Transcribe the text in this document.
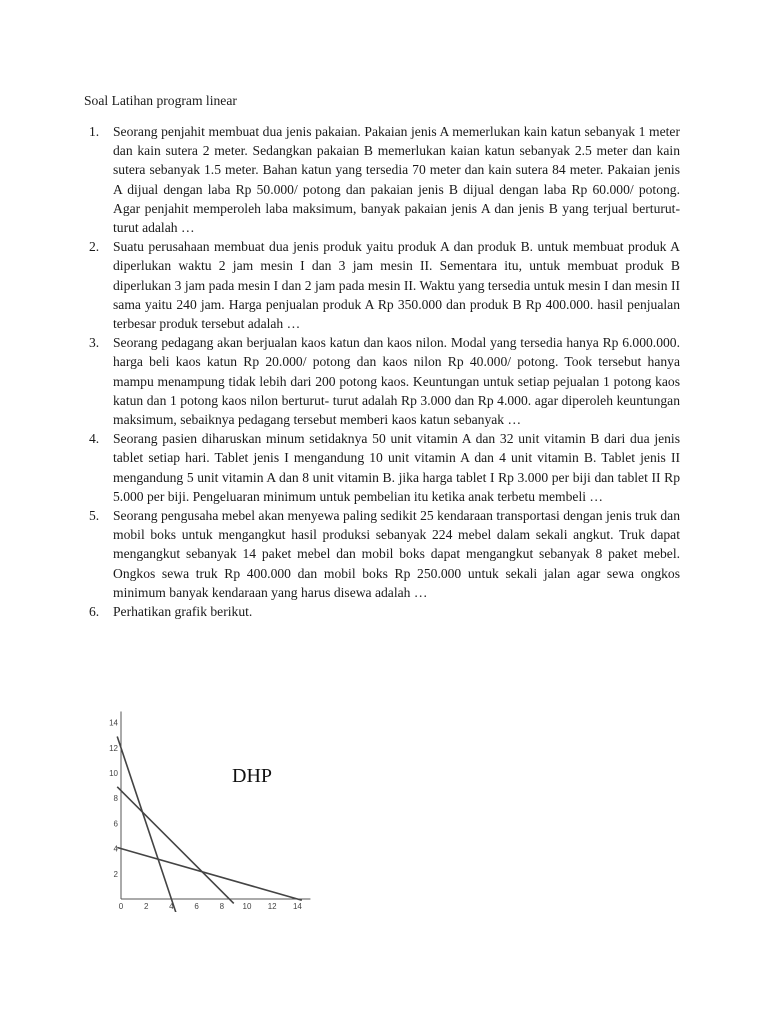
Soal Latihan program linear
1. Seorang penjahit membuat dua jenis pakaian. Pakaian jenis A memerlukan kain katun sebanyak 1 meter dan kain sutera 2 meter. Sedangkan pakaian B memerlukan kaian katun sebanyak 2.5 meter dan kain sutera sebanyak 1.5 meter. Bahan katun yang tersedia 70 meter dan kain sutera 84 meter. Pakaian jenis A dijual dengan laba Rp 50.000/ potong dan pakaian jenis B dijual dengan laba Rp 60.000/ potong. Agar penjahit memperoleh laba maksimum, banyak pakaian jenis A dan jenis B yang terjual berturut- turut adalah …
2. Suatu perusahaan membuat dua jenis produk yaitu produk A dan produk B. untuk membuat produk A diperlukan waktu 2 jam mesin I dan 3 jam mesin II. Sementara itu, untuk membuat produk B diperlukan 3 jam pada mesin I dan 2 jam pada mesin II. Waktu yang tersedia untuk mesin I dan mesin II sama yaitu 240 jam. Harga penjualan produk A Rp 350.000 dan produk B Rp 400.000. hasil penjualan terbesar produk tersebut adalah …
3. Seorang pedagang akan berjualan kaos katun dan kaos nilon. Modal yang tersedia hanya Rp 6.000.000. harga beli kaos katun Rp 20.000/ potong dan kaos nilon Rp 40.000/ potong. Took tersebut hanya mampu menampung tidak lebih dari 200 potong kaos. Keuntungan untuk setiap pejualan 1 potong kaos katun dan 1 potong kaos nilon berturut- turut adalah Rp 3.000 dan Rp 4.000. agar diperoleh keuntungan maksimum, sebaiknya pedagang tersebut memberi kaos katun sebanyak …
4. Seorang pasien diharuskan minum setidaknya 50 unit vitamin A dan 32 unit vitamin B dari dua jenis tablet setiap hari. Tablet jenis I mengandung 10 unit vitamin A dan 4 unit vitamin B. Tablet jenis II mengandung 5 unit vitamin A dan 8 unit vitamin B. jika harga tablet I Rp 3.000 per biji dan tablet II Rp 5.000 per biji. Pengeluaran minimum untuk pembelian itu ketika anak terbetu membeli …
5. Seorang pengusaha mebel akan menyewa paling sedikit 25 kendaraan transportasi dengan jenis truk dan mobil boks untuk mengangkut hasil produksi sebanyak 224 mebel dalam sekali angkut. Truk dapat mengangkut sebanyak 14 paket mebel dan mobil boks dapat mengangkut sebanyak 8 paket mebel. Ongkos sewa truk Rp 400.000 dan mobil boks Rp 250.000 untuk sekali jalan agar sewa ongkos minimum banyak kendaraan yang harus disewa adalah …
6. Perhatikan grafik berikut.
0	2	4	6	8 10 12 14
2
4
6
8
10
12
14
DHP
